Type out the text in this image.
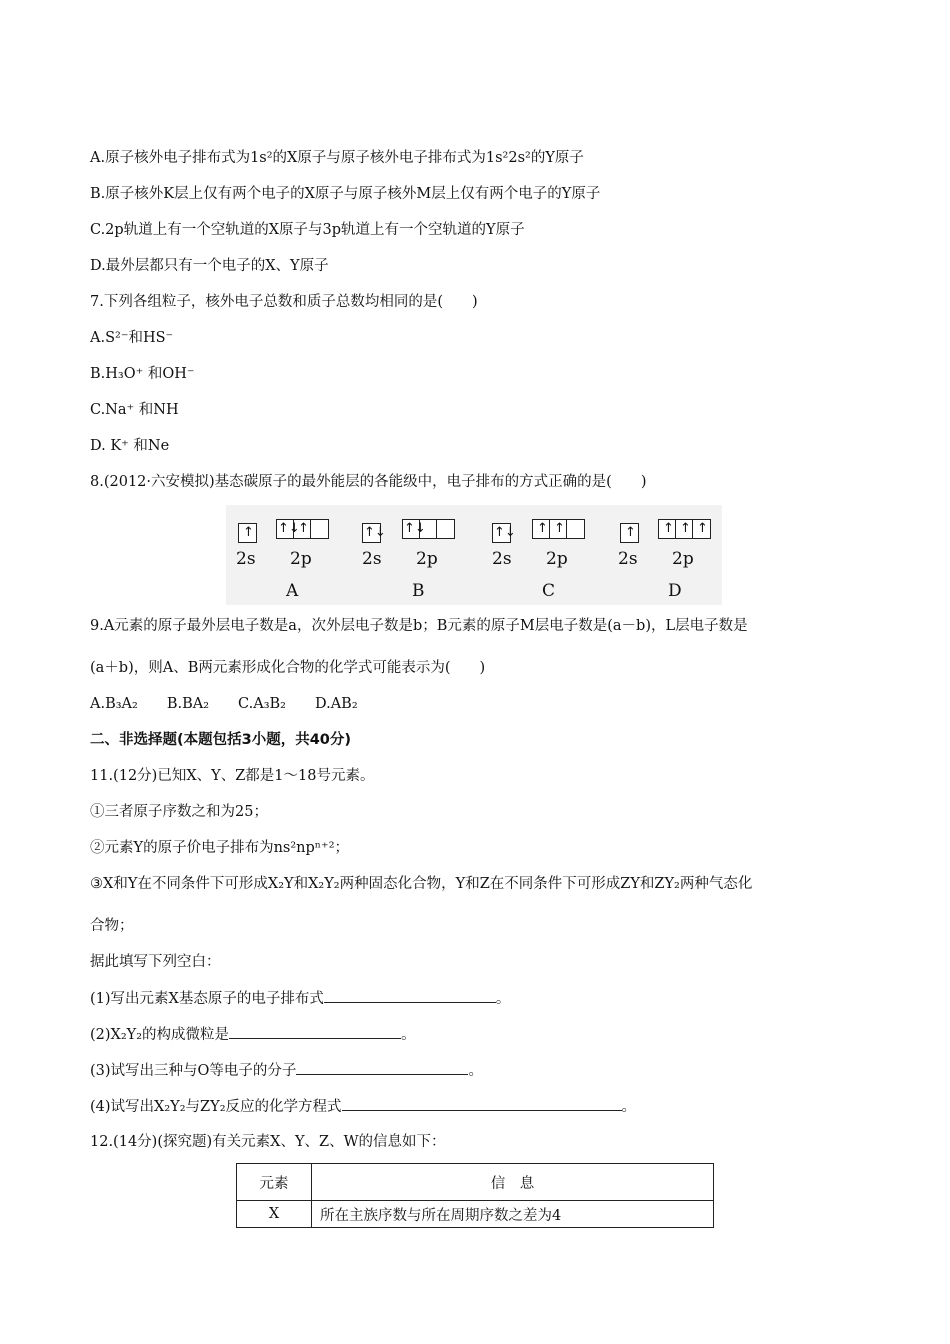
A.原子核外电子排布式为1s²的X原子与原子核外电子排布式为1s²2s²的Y原子
B.原子核外K层上仅有两个电子的X原子与原子核外M层上仅有两个电子的Y原子
C.2p轨道上有一个空轨道的X原子与3p轨道上有一个空轨道的Y原子
D.最外层都只有一个电子的X、Y原子
7.下列各组粒子，核外电子总数和质子总数均相同的是(　　)
A.S²⁻和HS⁻
B.H₃O⁺ 和OH⁻
C.Na⁺ 和NH
D. K⁺ 和Ne
8.(2012·六安模拟)基态碳原子的最外能层的各能级中，电子排布的方式正确的是(　　)
↑ ↑↓
↑
2s 2p
A
↑↓ ↑↓
2s 2p
B
↑↓ ↑ ↑
2s 2p
C
↑ ↑ ↑ ↑
2s 2p
D
9.A元素的原子最外层电子数是a，次外层电子数是b；B元素的原子M层电子数是(a－b)，L层电子数是
(a＋b)，则A、B两元素形成化合物的化学式可能表示为(　　)
A.B₃A₂　　B.BA₂　　C.A₃B₂　　D.AB₂
二、非选择题(本题包括3小题，共40分)
11.(12分)已知X、Y、Z都是1～18号元素。
①三者原子序数之和为25；
②元素Y的原子价电子排布为ns²npⁿ⁺²；
③X和Y在不同条件下可形成X₂Y和X₂Y₂两种固态化合物，Y和Z在不同条件下可形成ZY和ZY₂两种气态化
合物；
据此填写下列空白：
(1)写出元素X基态原子的电子排布式	。
(2)X₂Y₂的构成微粒是	。
(3)试写出三种与O等电子的分子	。
(4)试写出X₂Y₂与ZY₂反应的化学方程式	。
12.(14分)(探究题)有关元素X、Y、Z、W的信息如下：
元素	信　息
X	所在主族序数与所在周期序数之差为4
